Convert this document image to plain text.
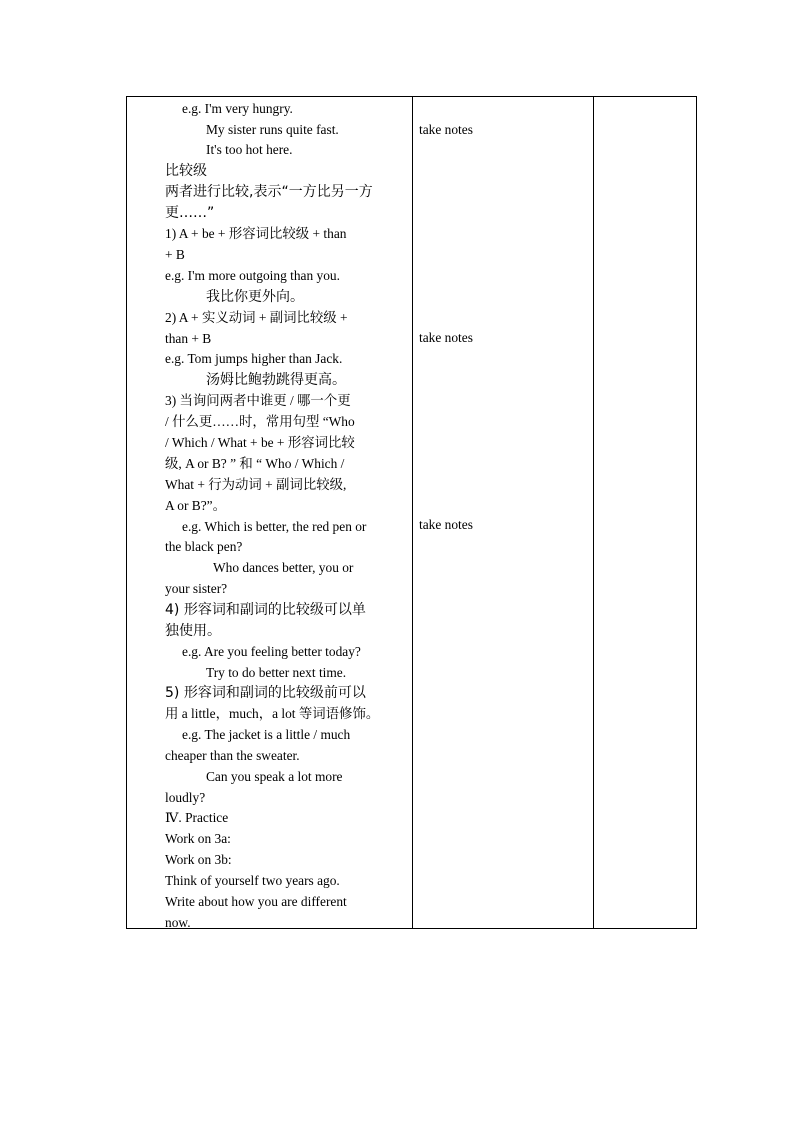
e.g. I'm very hungry.
My sister runs quite fast.
It's too hot here.
比较级
两者进行比较,表示“一方比另一方
更……”
1) A + be + 形容词比较级 + than
+ B
e.g. I'm more outgoing than you.
我比你更外向。
2) A + 实义动词 + 副词比较级 +
than + B
e.g. Tom jumps higher than Jack.
汤姆比鲍勃跳得更高。
3) 当询问两者中谁更 / 哪一个更
/ 什么更……时，常用句型 “Who
/ Which / What + be + 形容词比较
级, A or B? ” 和 “ Who / Which /
What + 行为动词 + 副词比较级,
A or B?”。
e.g. Which is better, the red pen or
the black pen?
Who dances better, you or
your sister?
4) 形容词和副词的比较级可以单
独使用。
e.g. Are you feeling better today?
Try to do better next time.
5) 形容词和副词的比较级前可以
用 a little，much，a lot 等词语修饰。
e.g. The jacket is a little / much
cheaper than the sweater.
Can you speak a lot more
loudly?
Ⅳ. Practice
Work on 3a:
Work on 3b:
Think of yourself two years ago.
Write about how you are different
now.
take notes
take notes
take notes
